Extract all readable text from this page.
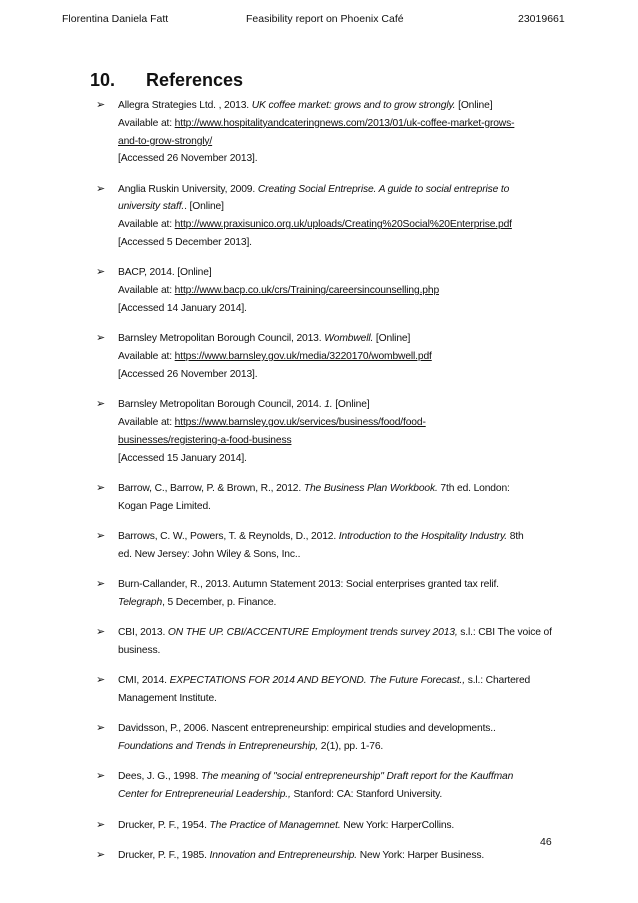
Florentina Daniela Fatt	Feasibility report on Phoenix Café	23019661
10. References
➢ Allegra Strategies Ltd. , 2013. UK coffee market: grows and to grow strongly. [Online]
Available at: http://www.hospitalityandcateringnews.com/2013/01/uk-coffee-market-grows-
and-to-grow-strongly/
[Accessed 26 November 2013].
➢ Anglia Ruskin University, 2009. Creating Social Entreprise. A guide to social entreprise to
university staff.. [Online]
Available at: http://www.praxisunico.org.uk/uploads/Creating%20Social%20Enterprise.pdf
[Accessed 5 December 2013].
➢ BACP, 2014. [Online]
Available at: http://www.bacp.co.uk/crs/Training/careersincounselling.php
[Accessed 14 January 2014].
➢ Barnsley Metropolitan Borough Council, 2013. Wombwell. [Online]
Available at: https://www.barnsley.gov.uk/media/3220170/wombwell.pdf
[Accessed 26 November 2013].
➢ Barnsley Metropolitan Borough Council, 2014. 1. [Online]
Available at: https://www.barnsley.gov.uk/services/business/food/food-
businesses/registering-a-food-business
[Accessed 15 January 2014].
➢ Barrow, C., Barrow, P. & Brown, R., 2012. The Business Plan Workbook. 7th ed. London:
Kogan Page Limited.
➢ Barrows, C. W., Powers, T. & Reynolds, D., 2012. Introduction to the Hospitality Industry. 8th
ed. New Jersey: John Wiley & Sons, Inc..
➢ Burn-Callander, R., 2013. Autumn Statement 2013: Social enterprises granted tax relif.
Telegraph, 5 December, p. Finance.
➢ CBI, 2013. ON THE UP. CBI/ACCENTURE Employment trends survey 2013, s.l.: CBI The voice of
business.
➢ CMI, 2014. EXPECTATIONS FOR 2014 AND BEYOND. The Future Forecast., s.l.: Chartered
Management Institute.
➢ Davidsson, P., 2006. Nascent entrepreneurship: empirical studies and developments..
Foundations and Trends in Entrepreneurship, 2(1), pp. 1-76.
➢ Dees, J. G., 1998. The meaning of "social entrepreneurship" Draft report for the Kauffman
Center for Entrepreneurial Leadership., Stanford: CA: Stanford University.
➢ Drucker, P. F., 1954. The Practice of Managemnet. New York: HarperCollins.
➢ Drucker, P. F., 1985. Innovation and Entrepreneurship. New York: Harper Business.
46
